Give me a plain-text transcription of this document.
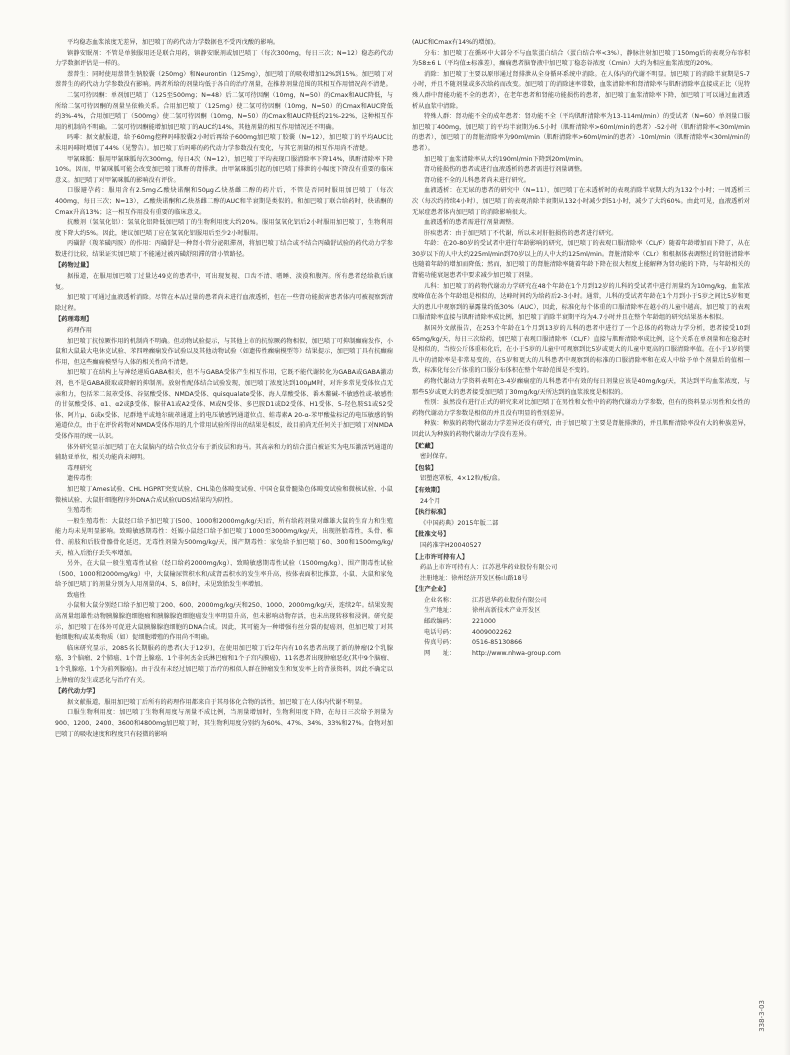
平均稳态血浆浓度无差异，加巴喷丁的药代动力学数据也不受丙戊酸的影响。

镇静安眠剂：不管是单独服用还是联合用药，镇静安眠剂或加巴喷丁（每次300mg，每日三次；N=12）稳态药代动力学数据评估是一样的。

萘普生：同时使用萘普生钠胶囊（250mg）和Neurontin（125mg），加巴喷丁的吸收增加12%到15%。加巴喷丁对萘普生的药代动力学参数没有影响。两者所给的剂量均低于各自的治疗剂量，在推荐剂量范围的其相互作用情况尚不清楚。

二氢可待因酮：单剂加巴喷丁（125至500mg；N=48）后二氢可待因酮（10mg，N=50）的Cmax和AUC降低，与所给二氢可待因酮的剂量呈依赖关系。合用加巴喷丁（125mg）使二氢可待因酮（10mg，N=50）的Cmax和AUC降低约3%-4%，合用加巴喷丁（500mg）使二氢可待因酮（10mg，N=50）的Cmax和AUC降低约21%-22%，这种相互作用的机制尚不明确。二氢可待因酮能增加加巴喷丁的AUC约14%，其他剂量的相互作用情况还不明确。

吗啡：据文献报道，给予60mg控释吗啡胶囊2小时后再给予600mg加巴喷丁胶囊（N=12），加巴喷丁的平均AUC比未用吗啡时增加了44%（见警告）。加巴喷丁后吗啡的药代动力学参数没有变化，与其它剂量的相互作用尚不清楚。

甲氰咪胍：服用甲氰咪胍每次300mg，每日4次（N=12），加巴喷丁平均表现口服清除率下降14%，肌酐清除率下降10%。因而，甲氰咪胍可能会改变加巴喷丁肌酐的肾排泄。由甲氰咪胍引起的加巴喷丁排泄的小幅度下降没有重要的临床意义。加巴喷丁对甲氰咪胍的影响没有评价。

口服避孕药：服用含有2.5mg乙酸炔诺酮和50μg乙炔基雌二醇的药片后，不管是否同时服用加巴喷丁（每次400mg，每日三次；N=13），乙酸炔诺酮和乙炔基雌二醇的AUC和半衰期是类似的。和加巴喷丁联合给药时，炔诺酮的Cmax升高13%；这一相互作用没有重要的临床意义。

抗酸剂（氢氧化铝）：氢氧化铝降低加巴喷丁的生物利用度大约20%。服用氢氧化铝后2小时服用加巴喷丁，生物利用度下降大约5%。因此，建议加巴喷丁应在氢氧化铝服用后至少2小时服用。

丙磺舒（羧苯磺丙胺）的作用：丙磺舒是一种肾小管分泌阻滞剂，将加巴喷丁结合或不结合丙磺舒试验的药代动力学参数进行比较，结果证实加巴喷丁不能通过被丙磺舒阻滞的肾小管路径。

【药物过量】

据报道，在服用加巴喷丁过量达49克的患者中，可出现复视、口齿不清、嗜睡、淡漠和腹泻。所有患者经给救后康复。

加巴喷丁可通过血液透析消除。尽管在本品过量的患者尚未进行血液透析，但在一些肾功能损害患者体内可被视察到清除过程。

【药理毒理】

药理作用

加巴喷丁抗惊厥作用的机制尚不明确。但动物试验提示，与其他上市的抗惊厥药物相似，加巴喷丁可抑制癫痫发作，小鼠和大鼠最大电休克试验、苯四唑癫痫发作试验以及其他动物试验（如遗传性癫痫模型等）结果提示，加巴喷丁具有抗癫痫作用，但这些癫痫模型与人体的相关性尚不清楚。

加巴喷丁在结构上与神经递质GABA相关，但不与GABA受体产生相互作用，它既不能代谢转化为GABA或GABA激动剂，也不是GABA摄取或降解的抑制剂。放射性配体结合试验发现，加巴喷丁浓度达到100μM时，对许多常见受体位点无亲和力，包括苯二氮䓬受体、谷氨酸受体、NMDA受体、quisqualate受体、海人草酸受体、番木鳖碱-不敏感性或-敏感性的甘氨酸受体、α1、α2或β受体、腺苷A1或A2受体、M或N受体、多巴胺D1或D2受体、H1受体、5-羟色胺S1或S2受体、阿片μ、δ或κ受体、尼群地平或地尔硫䓬通道上的电压敏感钙通道位点、蛙毒素A 20-α-苯甲酸盐标记的电压敏感的钠通道位点，由于在评价药物对NMDA受体作用的几个常用试验所得出的结果是相反，故目前尚无任何关于加巴喷丁对NMDA受体作用的统一认识。

体外研究显示加巴喷丁在大鼠脑内的结合位点分布于新皮层和海马。其高亲和力的结合蛋白被证实为电压激活钙通道的辅助亚单位，相关功能尚未阐明。

毒理研究

遗传毒性

加巴喷丁Ames试验、CHL HGPRT突变试验、CHL染色体畸变试验、中国仓鼠骨髓染色体畸变试验和微核试验、小鼠微核试验、大鼠肝细胞程序外DNA合成试验(UDS)结果均为阴性。

生殖毒性

一般生殖毒性：大鼠经口给予加巴喷丁(500、1000和2000mg/kg/天)后，所有给药剂量对雌雄大鼠的生育力和生殖能力均未见明显影响。致畸敏感期毒性：妊娠小鼠经口给予加巴喷丁1000至3000mg/kg/天，出现胚胎毒性，头骨、椎骨、前肢和后肢骨骼骨化延迟，无毒性剂量为500mg/kg/天，围产期毒性：家兔给予加巴喷丁60、300和1500mg/kg/天，植入后胎仔丢失率增加。

另外，在大鼠一般生殖毒性试验（经口给药2000mg/kg）、致畸敏感期毒性试验（1500mg/kg）、围产期毒性试验（500、1000和2000mg/kg）中，大鼠输尿管积水和/或肾盂积水的发生率升高，按体表面积比推算，小鼠、大鼠和家兔给予加巴喷丁的剂量分别为人用剂量的4、5、8倍时，未见致胎发生率增加。

致癌性

小鼠和大鼠分别经口给予加巴喷丁200、600、2000mg/kg/天和250、1000、2000mg/kg/天，连续2年。结果发现高剂量组雄性动物胰腺腺泡细胞瘤和胰腺腺泡细胞癌发生率明显升高，但未影响动物存活，也未出现转移和浸润。研究提示，加巴喷丁在体外可促进大鼠胰腺腺泡细胞的DNA合成。因此，其可能为一种增强有丝分裂的促癌剂，但加巴喷丁对其他细胞和/或某类物质（如）促细胞增殖的作用尚不明确。

临床研究显示，2085名长期服药的患者(大于12岁)，在使用加巴喷丁后2年内有10名患者出现了新的肿瘤(2个乳腺癌、3个脑瘤、2个肺癌、1个肾上腺癌、1个非何杰金氏淋巴瘤和1个子宫内膜癌)，11名患者出现肿瘤恶化(其中9个脑瘤、1个乳腺癌、1个为前列腺癌)。由于没有未经过加巴喷丁治疗的相似人群在肿瘤发生和复发率上的背景资料，因此不确定以上肿瘤的发生或恶化与治疗有关。

【药代动力学】

据文献报道，服用加巴喷丁后所有的药理作用都来自于其母体化合物的活性，加巴喷丁在人体内代谢不明显。

口服生物利用度：加巴喷丁生物利用度与剂量不成比例，当剂量增加时，生物利用度下降，在每日三次给予剂量为900、1200、2400、3600和4800mg加巴喷丁时，其生物利用度分别约为60%、47%、34%、33%和27%。食物对加巴喷丁的吸收速度和程度只有轻微的影响

(AUC和Cmax有14%的增加)。

分布：加巴喷丁在循环中大部分不与血浆蛋白结合（蛋白结合率<3%），静脉注射加巴喷丁150mg后的表观分布容积为58±6 L（平均值±标准差），癫痫患者脑脊液中加巴喷丁稳态谷浓度（Cmin）大约为相应血浆浓度的20%。

消除：加巴喷丁主要以原形通过肾排泄从全身循环系统中消除。在人体内的代谢不明显。加巴喷丁的消除半衰期是5-7小时，并且不随剂量或多次给药而改变。加巴喷丁的消除速率常数，血浆清除率和肾清除率与肌酐清除率直接成正比（见特殊人群中肾能功能不全的患者），在老年患者和肾能功能损伤的患者，加巴喷丁血浆清除率下降，加巴喷丁可以通过血液透析从血浆中清除。

特殊人群：肾功能不全的成年患者：肾功能不全（平均肌酐清除率为13-114ml/min）的受试者（N=60）单剂量口服加巴喷丁400mg，加巴喷丁的平均半衰期为6.5小时（肌酐清除率>60ml/min的患者）-52小时（肌酐清除率<30ml/min的患者），加巴喷丁的肾脏清除率为90ml/min（肌酐清除率>60ml/min的患者）-10ml/min（肌酐清除率<30ml/min的患者）。

加巴喷丁血浆清除率从大约190ml/min下降到20ml/min。

肾功能损伤的患者或进行血液透析的患者需进行剂量调整。

肾功能不全的儿科患者尚未进行研究。

血液透析：在无尿的患者的研究中（N=11），加巴喷丁在未透析时的表观消除半衰期大约为132个小时；一周透析三次（每次约持续4小时），加巴喷丁的表观消除半衰期从132小时减少到51小时，减少了大约60%。由此可见，血液透析对无尿症患者体内加巴喷丁的消除影响很大。

血液透析的患者需进行剂量调整。

肝疾患者：由于加巴喷丁不代谢，所以未对肝脏损伤的患者进行研究。

年龄：在20-80岁的受试者中进行年龄影响的研究，加巴喷丁的表观口服清除率（CL/F）随着年龄增加而下降了，从在30岁以下的人中大约225ml/min到70岁以上的人中大约125ml/min。肾脏清除率（CLr）和根据体表调整过的肾脏清除率也随着年龄的增加而降低；然而，加巴喷丁的肾脏清除率随着年龄下降在很大程度上能解释为肾功能的下降，与年龄相关的肾能功能衰退患者中要求减少加巴喷丁剂量。

儿科：加巴喷丁的药物代谢动力学研究在48个年龄在1个月到12岁的儿科的受试者中进行剂量约为10mg/kg，血浆浓度峰值在各个年龄组是相似的，达峰时间约为给药后2-3小时。通常，儿科的受试者年龄在1个月到小于5岁之间比5岁和更大的患儿中观察到的暴露量约低30%（AUC），因此，标准化每个体重的口服清除率在越小的儿童中越高，加巴喷丁的表观口服清除率直接与肌酐清除率成比例，加巴喷丁消除半衰期平均为4.7小时并且在整个年龄组的研究结果基本相似。

据国外文献报告，在253个年龄在1个月到13岁的儿科的患者中进行了一个总体的药物动力学分析，患者接受10到65mg/kg/天，每日三次给药，加巴喷丁表观口服清除率（CL/F）直接与肌酐清除率成比例，这个关系在单剂量和在稳态时是相似的，当按公斤体重标化后，在小于5岁的儿童中可观察到比5岁或更大的儿童中更高的口服清除率值。在小于1岁的婴儿中的清除率是非常易变的，在5岁和更大的儿科患者中观察到的标准的口服清除率和在成人中给予单个剂量后的值相一致，标准化每公斤体重的口服分布体积在整个年龄范围是不变的。

药物代谢动力学资料表明在3-4岁癫痫症的儿科患者中有效的每日剂量应该是40mg/kg/天，其达到平均血浆浓度，与那些5岁或更大的患者接受加巴喷丁30mg/kg/天所达到的血浆浓度是相似的。

性别：虽然没有进行正式的研究来对比加巴喷丁在男性和女性中的药物代谢动力学参数，但有的资料显示男性和女性的药物代谢动力学参数是相似的并且没有明显的性别差异。

种族：种族的药物代谢动力学差异还没有研究，由于加巴喷丁主要是肾脏排泄的，并且肌酐清除率没有大的种族差异，因此认为种族的药物代谢动力学没有差异。

【贮藏】

密封保存。

【包装】

铝塑泡罩板，4×12粒/板/盒。

【有效期】

24个月

【执行标准】

《中国药典》2015年版二部

【批准文号】

国药准字H20040527

【上市许可持有人】

药品上市许可持有人：江苏恩华药业股份有限公司

注册地址：徐州经济开发区杨山路18号

【生产企业】

企业名称：	江苏恩华药业股份有限公司
生产地址：	徐州高新技术产业开发区
邮政编码：	221000
电话号码：	4009002262
传真号码：	0516-85130866
网　　址：	http://www.nhwa-group.com
338-3-03
